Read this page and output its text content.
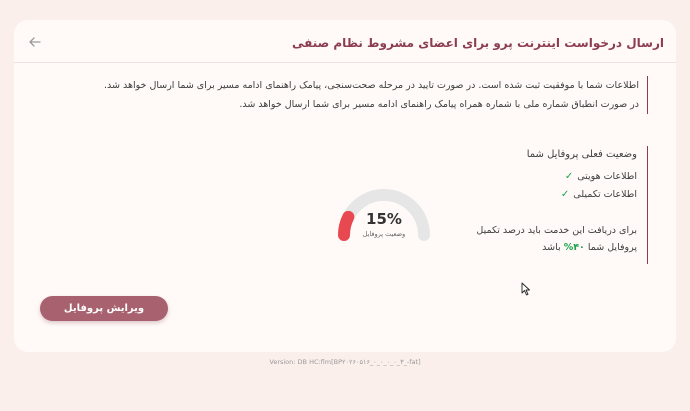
ارسال درخواست اینترنت پرو برای اعضای مشروط نظام صنفی
اطلاعات شما با موفقیت ثبت شده است. در صورت تایید در مرحله صحت‌سنجی، پیامک راهنمای ادامه مسیر برای شما ارسال خواهد شد.
در صورت انطباق شماره ملی با شماره همراه پیامک راهنمای ادامه مسیر برای شما ارسال خواهد شد.
وضعیت فعلی پروفایل شما
اطلاعات هویتی
✓
اطلاعات تکمیلی
✓
برای دریافت این خدمت باید درصد تکمیل
پروفایل شما ۴۰% باشد
ویرایش پروفایل
15%
وضعیت پروفایل
Version: DB HC:flm[BP۲۰۲۶۰۵۱۶_۰_۰_۰_۰_۳_-fat]
